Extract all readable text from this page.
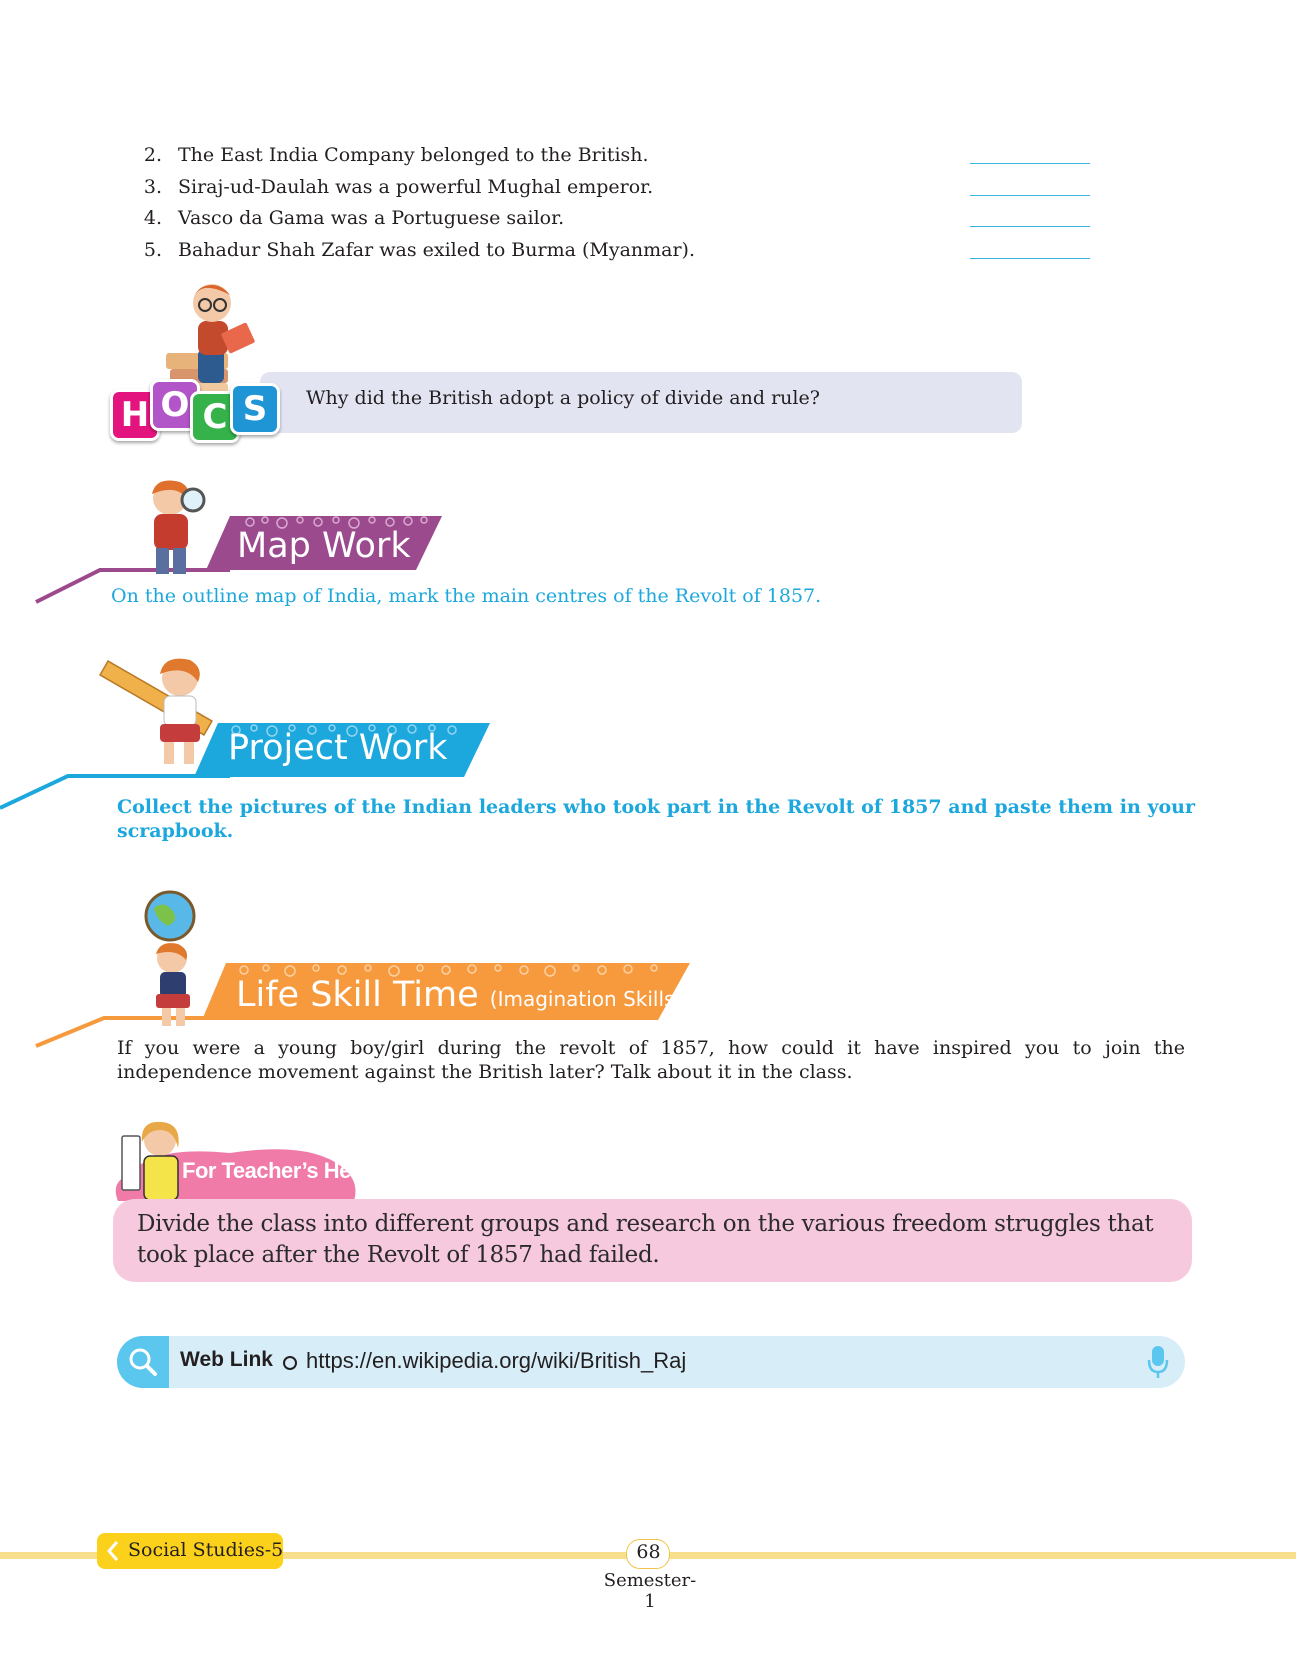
2. The East India Company belonged to the British.
3. Siraj-ud-Daulah was a powerful Mughal emperor.
4. Vasco da Gama was a Portuguese sailor.
5. Bahadur Shah Zafar was exiled to Burma (Myanmar).
H O C S	Why did the British adopt a policy of divide and rule?
Map Work
On the outline map of India, mark the main centres of the Revolt of 1857.
Project Work
Collect the pictures of the Indian leaders who took part in the Revolt of 1857 and paste them in your scrapbook.
Life Skill Time (Imagination Skills)
If you were a young boy/girl during the revolt of 1857, how could it have inspired you to join the independence movement against the British later? Talk about it in the class.
For Teacher’s Help
Divide the class into different groups and research on the various freedom struggles that took place after the Revolt of 1857 had failed.
Web Link https://en.wikipedia.org/wiki/British_Raj
Social Studies-5	68
Semester-1
